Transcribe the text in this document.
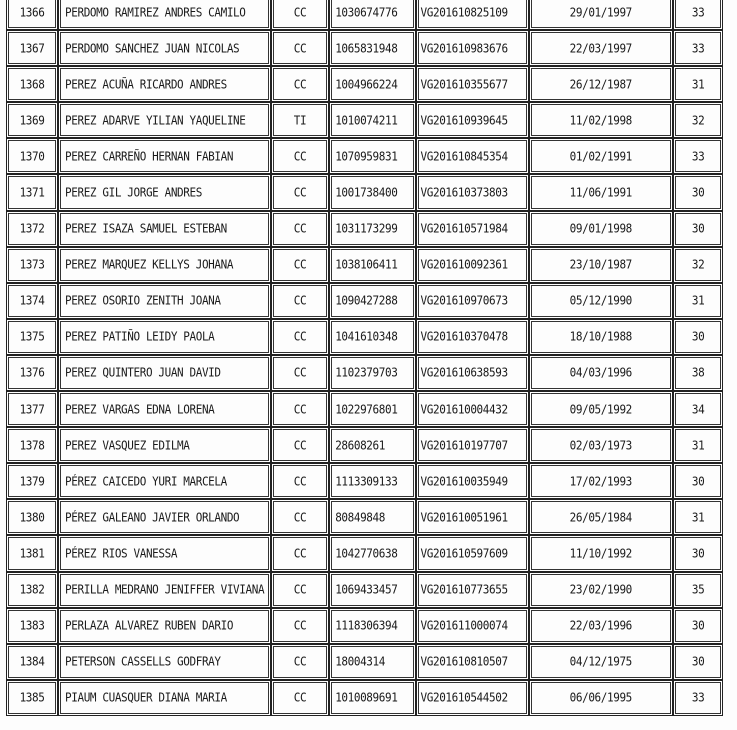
1366	PERDOMO RAMIREZ ANDRES CAMILO	CC	1030674776	VG201610825109	29/01/1997	33	
1367	PERDOMO SANCHEZ JUAN NICOLAS	CC	1065831948	VG201610983676	22/03/1997	33	
1368	PEREZ ACUÑA RICARDO ANDRES	CC	1004966224	VG201610355677	26/12/1987	31	
1369	PEREZ ADARVE YILIAN YAQUELINE	TI	1010074211	VG201610939645	11/02/1998	32	
1370	PEREZ CARREÑO HERNAN FABIAN	CC	1070959831	VG201610845354	01/02/1991	33	
1371	PEREZ GIL JORGE ANDRES	CC	1001738400	VG201610373803	11/06/1991	30	
1372	PEREZ ISAZA SAMUEL ESTEBAN	CC	1031173299	VG201610571984	09/01/1998	30	
1373	PEREZ MARQUEZ KELLYS JOHANA	CC	1038106411	VG201610092361	23/10/1987	32	
1374	PEREZ OSORIO ZENITH JOANA	CC	1090427288	VG201610970673	05/12/1990	31	
1375	PEREZ PATIÑO LEIDY PAOLA	CC	1041610348	VG201610370478	18/10/1988	30	
1376	PEREZ QUINTERO JUAN DAVID	CC	1102379703	VG201610638593	04/03/1996	38	
1377	PEREZ VARGAS EDNA LORENA	CC	1022976801	VG201610004432	09/05/1992	34	
1378	PEREZ VASQUEZ EDILMA	CC	28608261	VG201610197707	02/03/1973	31	
1379	PÉREZ CAICEDO YURI MARCELA	CC	1113309133	VG201610035949	17/02/1993	30	
1380	PÉREZ GALEANO JAVIER ORLANDO	CC	80849848	VG201610051961	26/05/1984	31	
1381	PÉREZ RIOS VANESSA	CC	1042770638	VG201610597609	11/10/1992	30	
1382	PERILLA MEDRANO JENIFFER VIVIANA	CC	1069433457	VG201610773655	23/02/1990	35	
1383	PERLAZA ALVAREZ RUBEN DARIO	CC	1118306394	VG201611000074	22/03/1996	30	
1384	PETERSON CASSELLS GODFRAY	CC	18004314	VG201610810507	04/12/1975	30	
1385	PIAUM CUASQUER DIANA MARIA	CC	1010089691	VG201610544502	06/06/1995	33	
